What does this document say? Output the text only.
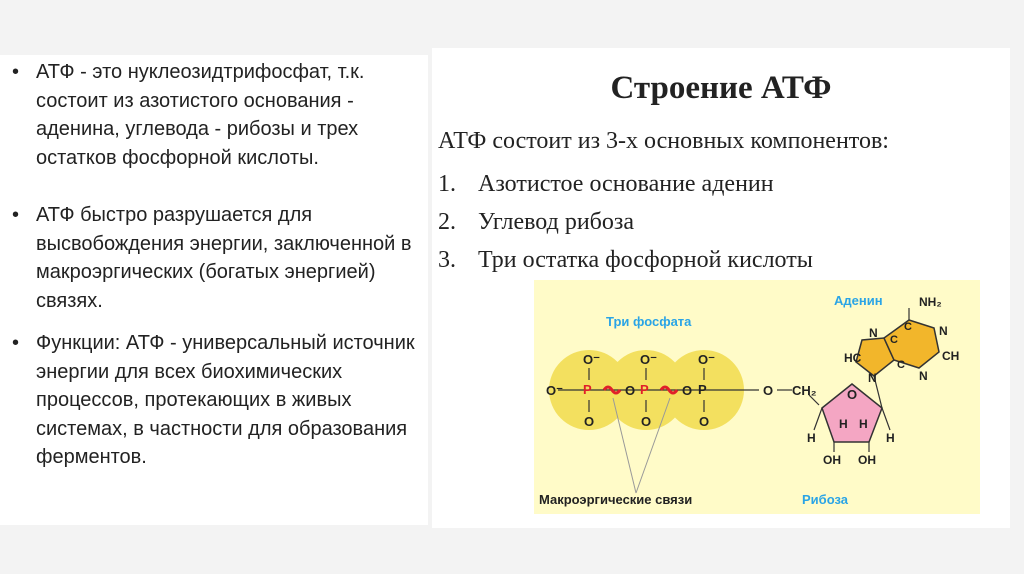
• АТФ - это нуклеозидтрифосфат, т.к. состоит из азотистого основания - аденина, углевода - рибозы и трех остатков фосфорной кислоты.
• АТФ быстро разрушается для высвобождения энергии, заключенной в макроэргических (богатых энергией) связях.
• Функции: АТФ - универсальный источник энергии для всех биохимических процессов, протекающих в живых системах, в частности для образования ферментов.
Строение АТФ
АТФ состоит из 3-х основных компонентов:
1. Азотистое основание аденин
2. Углевод рибоза
3. Три остатка фосфорной кислоты
O⁻ P
O⁻
O
O P
O⁻
O
O P
O⁻
O
O CH₂ O
H H
H	H
OH OH
NH₂
N
HC
N
N
CH
N
C
C
C
Три фосфата
Аденин
Макроэргические связи	Рибоза
